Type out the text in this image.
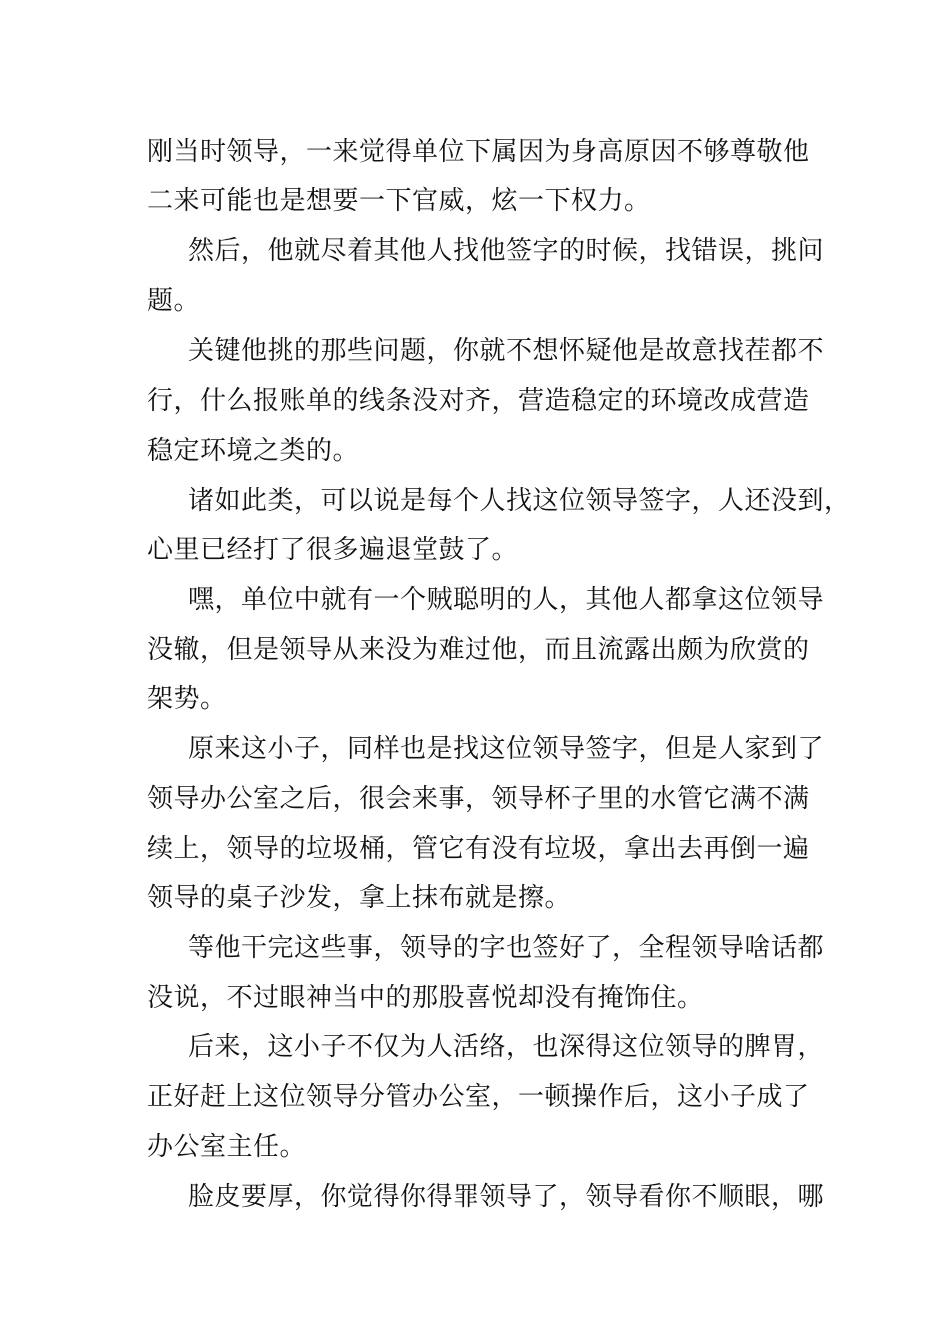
刚当时领导，一来觉得单位下属因为身高原因不够尊敬他
二来可能也是想要一下官威，炫一下权力。
然后，他就尽着其他人找他签字的时候，找错误，挑问
题。
关键他挑的那些问题，你就不想怀疑他是故意找茬都不
行，什么报账单的线条没对齐，营造稳定的环境改成营造
稳定环境之类的。
诸如此类，可以说是每个人找这位领导签字，人还没到，
心里已经打了很多遍退堂鼓了。
嘿，单位中就有一个贼聪明的人，其他人都拿这位领导
没辙，但是领导从来没为难过他，而且流露出颇为欣赏的
架势。
原来这小子，同样也是找这位领导签字，但是人家到了
领导办公室之后，很会来事，领导杯子里的水管它满不满
续上，领导的垃圾桶，管它有没有垃圾，拿出去再倒一遍
领导的桌子沙发，拿上抹布就是擦。
等他干完这些事，领导的字也签好了，全程领导啥话都
没说，不过眼神当中的那股喜悦却没有掩饰住。
后来，这小子不仅为人活络，也深得这位领导的脾胃，
正好赶上这位领导分管办公室，一顿操作后，这小子成了
办公室主任。
脸皮要厚，你觉得你得罪领导了，领导看你不顺眼，哪
